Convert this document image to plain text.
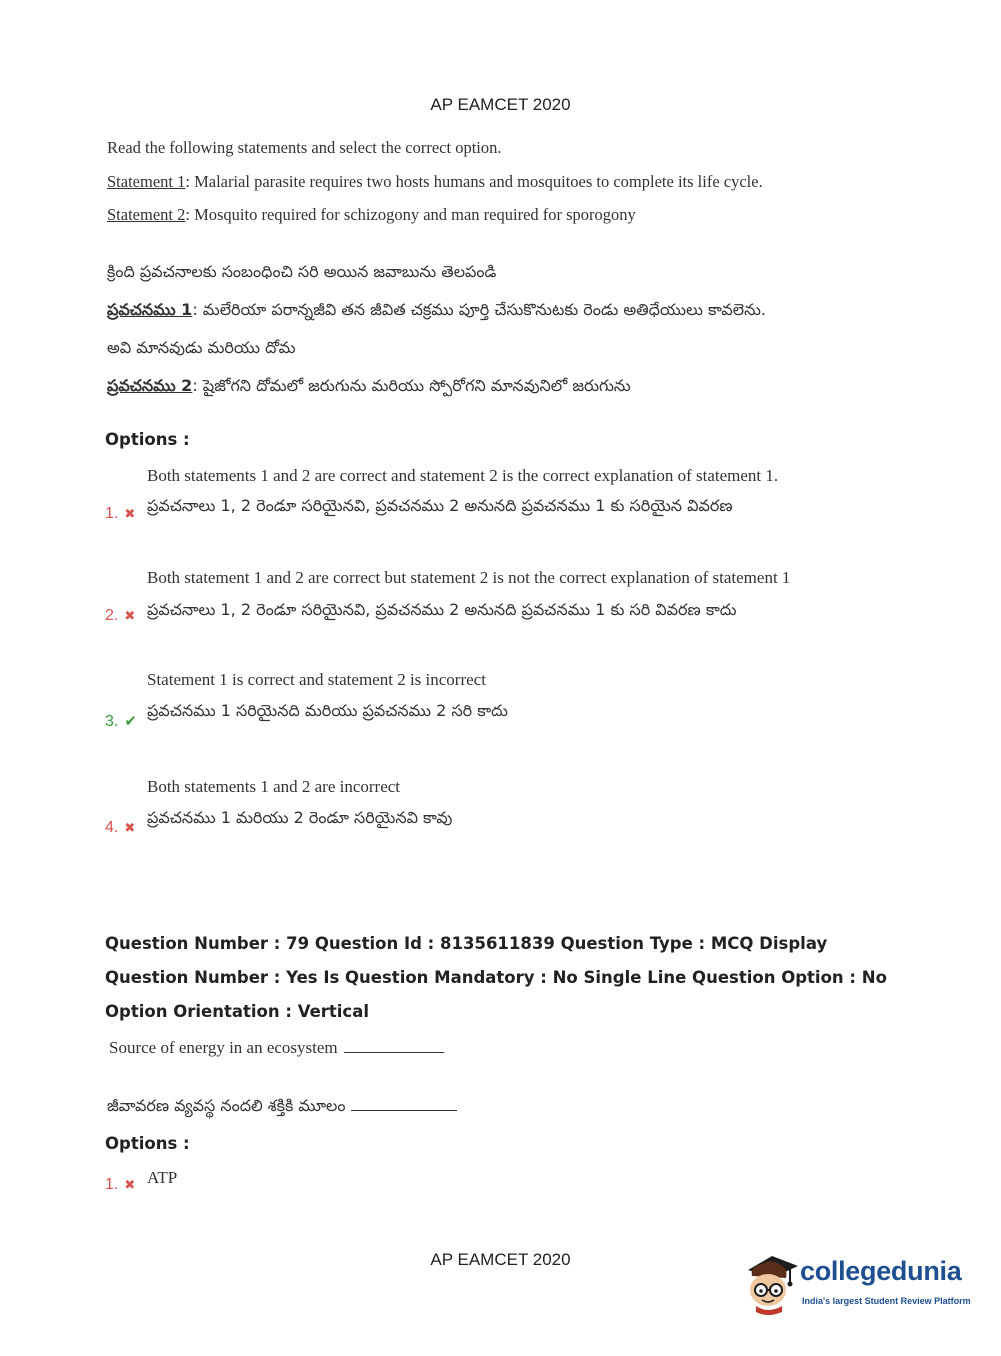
AP EAMCET 2020
Read the following statements and select the correct option.
Statement 1: Malarial parasite requires two hosts humans and mosquitoes to complete its life cycle.
Statement 2: Mosquito required for schizogony and man required for sporogony
క్రింది ప్రవచనాలకు సంబంధించి సరి అయిన జవాబును తెలపండి
ప్రవచనము 1: మలేరియా పరాన్నజీవి తన జీవిత చక్రము పూర్తి చేసుకొనుటకు రెండు అతిధేయులు కావలెను.
అవి మానవుడు మరియు దోమ
ప్రవచనము 2: షైజోగని దోమలో జరుగును మరియు స్పోరోగని మానవునిలో జరుగును
Options :
Both statements 1 and 2 are correct and statement 2 is the correct explanation of statement 1.
1. ✖ ప్రవచనాలు 1, 2 రెండూ సరియైనవి, ప్రవచనము 2 అనునది ప్రవచనము 1 కు సరియైన వివరణ
Both statement 1 and 2 are correct but statement 2 is not the correct explanation of statement 1
2. ✖ ప్రవచనాలు 1, 2 రెండూ సరియైనవి, ప్రవచనము 2 అనునది ప్రవచనము 1 కు సరి వివరణ కాదు
Statement 1 is correct and statement 2 is incorrect
3. ✔
ప్రవచనము 1 సరియైనది మరియు ప్రవచనము 2 సరి కాదు
Both statements 1 and 2 are incorrect
4. ✖
ప్రవచనము 1 మరియు 2 రెండూ సరియైనవి కావు
Question Number : 79 Question Id : 8135611839 Question Type : MCQ Display Question Number : Yes Is Question Mandatory : No Single Line Question Option : No Option Orientation : Vertical
Source of energy in an ecosystem
జీవావరణ వ్యవస్థ నందలి శక్తికి మూలం
Options :
1. ✖ ATP
AP EAMCET 2020	collegedunia
India's largest Student Review Platform
